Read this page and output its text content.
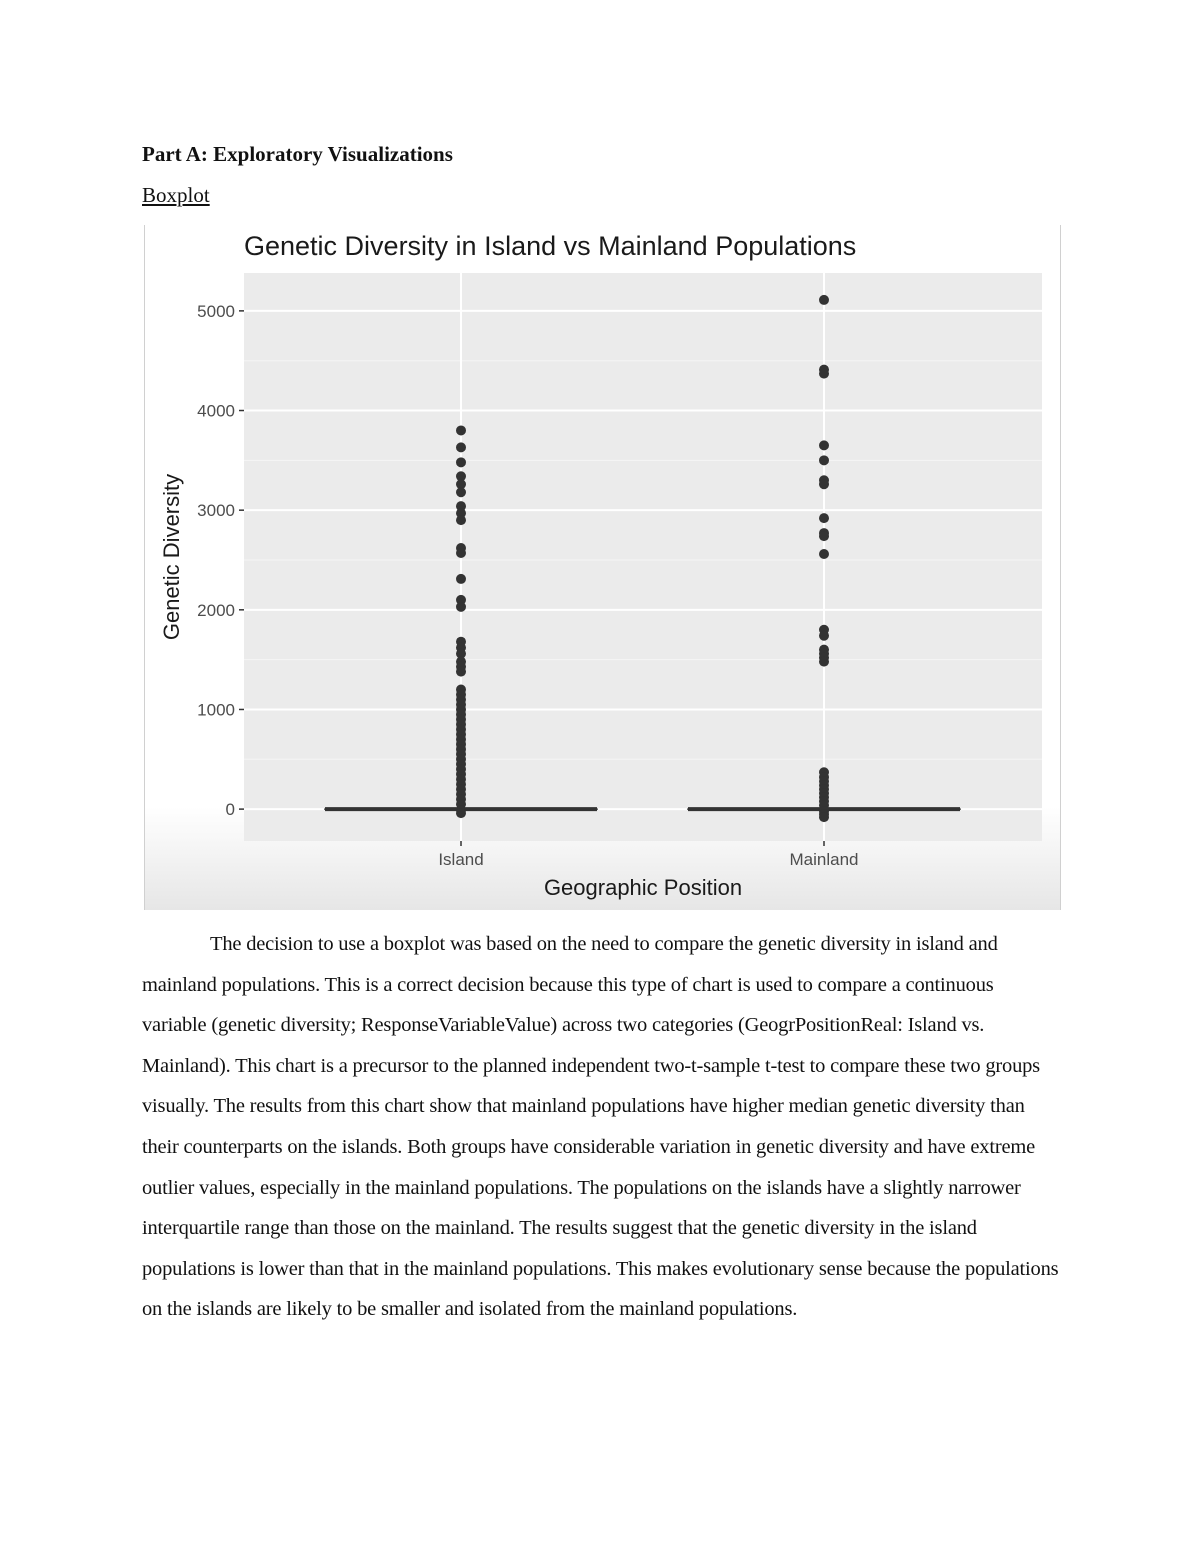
Part A: Exploratory Visualizations
Boxplot
Genetic Diversity in Island vs Mainland Populations
0
1000
2000
3000
4000
5000
Island	Mainland
Geographic Position
Genetic Diversity

The decision to use a boxplot was based on the need to compare the genetic diversity in island and mainland populations. This is a correct decision because this type of chart is used to compare a continuous variable (genetic diversity; ResponseVariableValue) across two categories (GeogrPositionReal: Island vs. Mainland). This chart is a precursor to the planned independent two-t-sample t-test to compare these two groups visually. The results from this chart show that mainland populations have higher median genetic diversity than their counterparts on the islands. Both groups have considerable variation in genetic diversity and have extreme outlier values, especially in the mainland populations. The populations on the islands have a slightly narrower interquartile range than those on the mainland. The results suggest that the genetic diversity in the island populations is lower than that in the mainland populations. This makes evolutionary sense because the populations on the islands are likely to be smaller and isolated from the mainland populations.
